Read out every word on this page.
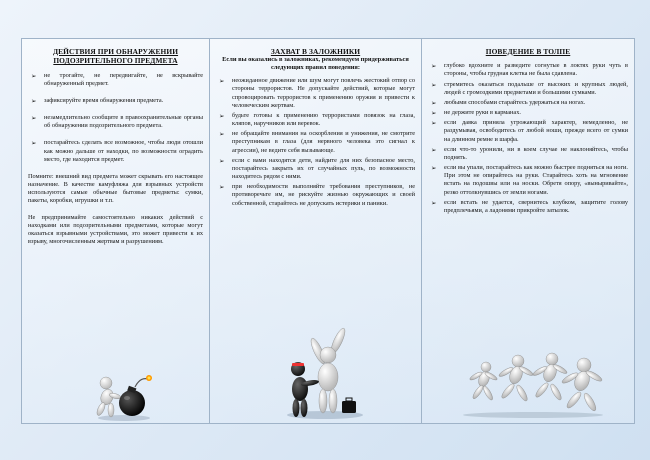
ДЕЙСТВИЯ ПРИ ОБНАРУЖЕНИИ ПОДОЗРИТЕЛЬНОГО ПРЕДМЕТА
➢ не трогайте, не передвигайте, не вскрывайте обнаруженный предмет.
➢ зафиксируйте время обнаружения предмета.
➢ незамедлительно сообщите в правоохранительные органы об обнаружении подозрительного предмета.
➢ постарайтесь сделать все возможное, чтобы люди отошли как можно дальше от находки, по возможности оградить место, где находится предмет.

Помните: внешний вид предмета может скрывать его настоящее назначение. В качестве камуфляжа для взрывных устройств используются самые обычные бытовые предметы: сумки, пакеты, коробки, игрушки и т.п.

Не предпринимайте самостоятельно никаких действий с находками или подозрительными предметами, которые могут оказаться взрывными устройствами, это может привести к их взрыву, многочисленным жертвам и разрушениям.

ЗАХВАТ В ЗАЛОЖНИКИ
Если вы оказались в заложниках, рекомендуем придерживаться следующих правил поведения:
➢ неожиданное движение или шум могут повлечь жестокий отпор со стороны террористов. Не допускайте действий, которые могут спровоцировать террористов к применению оружия и привести к человеческим жертвам.
➢ будьте готовы к применению террористами повязок на глаза, кляпов, наручников или веревок.
➢ не обращайте внимания на оскорбления и унижения, не смотрите преступникам в глаза (для нервного человека это сигнал к агрессии), не ведите себя вызывающе.
➢ если с вами находятся дети, найдите для них безопасное место, постарайтесь закрыть их от случайных пуль, по возможности находитесь рядом с ними.
➢ при необходимости выполняйте требования преступников, не противоречьте им, не рискуйте жизнью окружающих и своей собственной, старайтесь не допускать истерики и паники.
ПОВЕДЕНИЕ В ТОЛПЕ
➢ глубоко вдохните и разведите согнутые в локтях руки чуть в стороны, чтобы грудная клетка не была сдавлена.
➢ стремитесь оказаться подальше от высоких и крупных людей, людей с громоздкими предметами и большими сумками.
➢ любыми способами старайтесь удержаться на ногах.
➢ не держите руки в карманах.
➢ если давка приняла угрожающий характер, немедленно, не раздумывая, освободитесь от любой ноши, прежде всего от сумки на длинном ремне и шарфа.
➢ если что-то уронили, ни в коем случае не наклоняйтесь, чтобы поднять.
➢ если вы упали, постарайтесь как можно быстрее подняться на ноги. При этом не опирайтесь на руки. Старайтесь хоть на мгновение встать на подошвы или на носки. Обретя опору, «выныривайте», резко оттолкнувшись от земли ногами.
➢ если встать не удается, свернитесь клубком, защитите голову предплечьями, а ладонями прикройте затылок.
